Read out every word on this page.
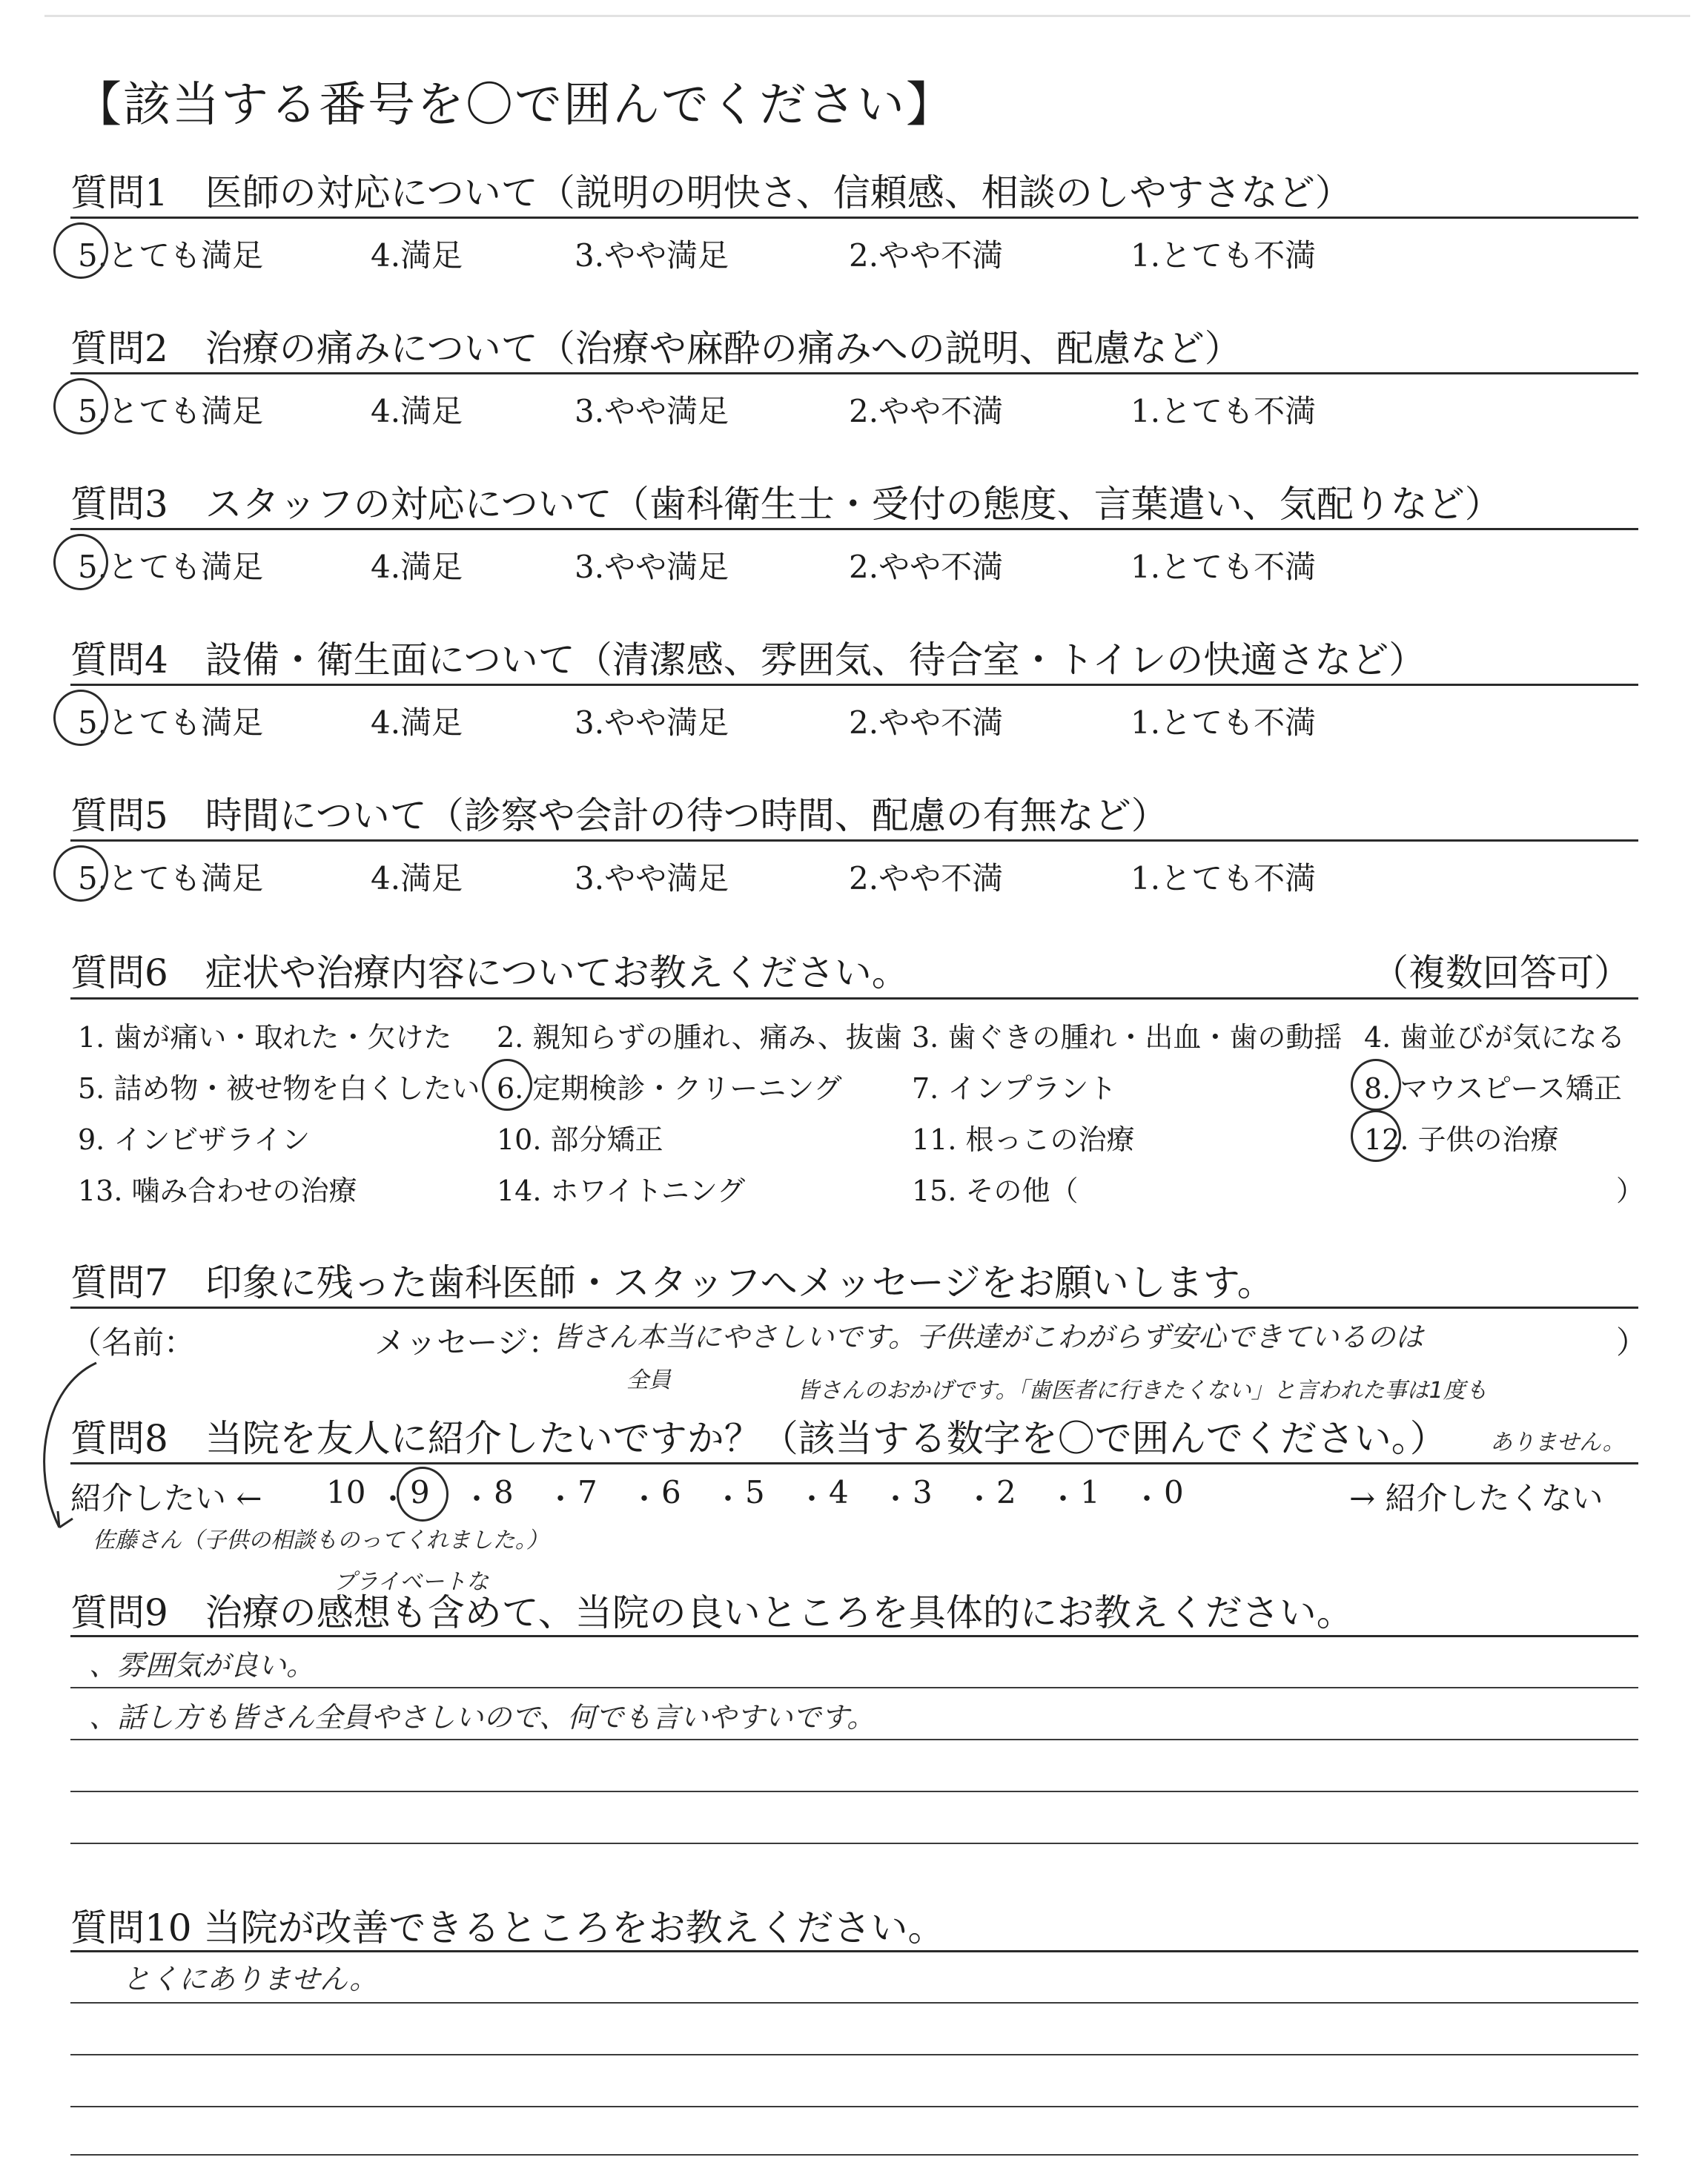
【該当する番号を〇で囲んでください】
質問1　医師の対応について（説明の明快さ、信頼感、相談のしやすさなど）
5.とても満足	4.満足	3.やや満足	2.やや不満	1.とても不満
質問2　治療の痛みについて（治療や麻酔の痛みへの説明、配慮など）
5.とても満足	4.満足	3.やや満足	2.やや不満	1.とても不満
質問3　スタッフの対応について（歯科衛生士・受付の態度、言葉遣い、気配りなど）
5.とても満足	4.満足	3.やや満足	2.やや不満	1.とても不満
質問4　設備・衛生面について（清潔感、雰囲気、待合室・トイレの快適さなど）
5.とても満足	4.満足	3.やや満足	2.やや不満	1.とても不満
質問5　時間について（診察や会計の待つ時間、配慮の有無など）
5.とても満足	4.満足	3.やや満足	2.やや不満	1.とても不満
質問6　症状や治療内容についてお教えください。	（複数回答可）
1. 歯が痛い・取れた・欠けた 2. 親知らずの腫れ、痛み、抜歯 3. 歯ぐきの腫れ・出血・歯の動揺 4. 歯並びが気になる
5. 詰め物・被せ物を白くしたい 6. 定期検診・クリーニング 7. インプラント	8. マウスピース矯正
9. インビザライン	10. 部分矯正	11. 根っこの治療	12. 子供の治療
13. 噛み合わせの治療	14. ホワイトニング	15. その他（	）
質問7　印象に残った歯科医師・スタッフへメッセージをお願いします。
（名前：	メッセージ：	）
皆さん本当にやさしいです。子供達がこわがらず安心できているのは
全員	皆さんのおかげです。「歯医者に行きたくない」と言われた事は1度も
ありません。
佐藤さん（子供の相談ものってくれました。）
質問8　当院を友人に紹介したいですか？（該当する数字を〇で囲んでください。）
紹介したい ← 10 ・ 9 ・ 8 ・ 7 ・ 6 ・ 5 ・ 4 ・ 3 ・ 2 ・ 1 ・ 0	→ 紹介したくない
プライベートな
質問9　治療の感想も含めて、当院の良いところを具体的にお教えください。
、雰囲気が良い。
、話し方も皆さん全員やさしいので、何でも言いやすいです。
質問10 当院が改善できるところをお教えください。
とくにありません。
